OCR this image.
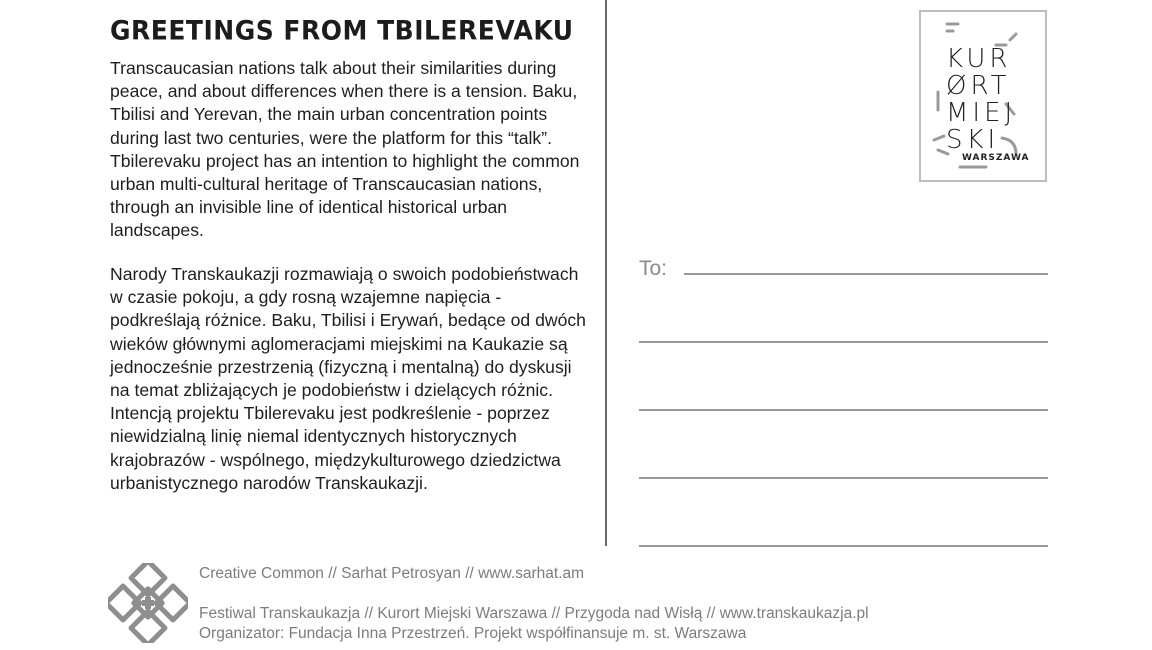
GREETINGS FROM TBILEREVAKU

Transcaucasian nations talk about their similarities during peace, and about differences when there is a tension. Baku, Tbilisi and Yerevan, the main urban concentration points during last two centuries, were the platform for this “talk”. Tbilerevaku project has an intention to highlight the common urban multi-cultural heritage of Transcaucasian nations, through an invisible line of identical historical urban landscapes.

Narody Transkaukazji rozmawiają o swoich podobieństwach w czasie pokoju, a gdy rosną wzajemne napięcia - podkreślają różnice. Baku, Tbilisi i Erywań, bedące od dwóch wieków głównymi aglomeracjami miejskimi na Kaukazie są jednocześnie przestrzenią (fizyczną i mentalną) do dyskusji na temat zbliżających je podobieństw i dzielących różnic. Intencją projektu Tbilerevaku jest podkreślenie - poprzez niewidzialną linię niemal identycznych historycznych krajobrazów - wspólnego, międzykulturowego dziedzictwa urbanistycznego narodów Transkaukazji.

KUR
ØRT
MIEJ
SKI
WARSZAWA
To:

Creative Common // Sarhat Petrosyan // www.sarhat.am

Festiwal Transkaukazja // Kurort Miejski Warszawa // Przygoda nad Wisłą // www.transkaukazja.pl

Organizator: Fundacja Inna Przestrzeń. Projekt współfinansuje m. st. Warszawa
